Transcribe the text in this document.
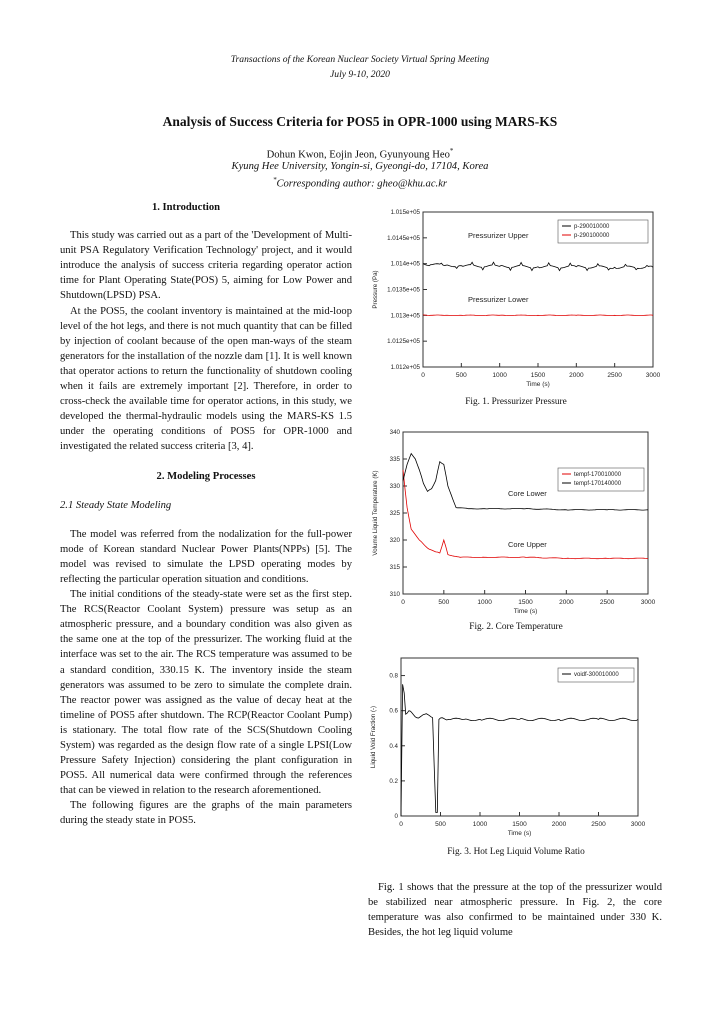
Transactions of the Korean Nuclear Society Virtual Spring Meeting
July 9-10, 2020
Analysis of Success Criteria for POS5 in OPR-1000 using MARS-KS
Dohun Kwon, Eojin Jeon, Gyunyoung Heo*
Kyung Hee University, Yongin-si, Gyeongi-do, 17104, Korea
*Corresponding author: gheo@khu.ac.kr
1. Introduction

This study was carried out as a part of the 'Development of Multi-unit PSA Regulatory Verification Technology' project, and it would introduce the analysis of success criteria regarding operator action time for Plant Operating State(POS) 5, aiming for Low Power and Shutdown(LPSD) PSA.

At the POS5, the coolant inventory is maintained at the mid-loop level of the hot legs, and there is not much quantity that can be filled by injection of coolant because of the open man-ways of the steam generators for the installation of the nozzle dam [1]. It is well known that operator actions to return the functionality of shutdown cooling when it fails are extremely important [2]. Therefore, in order to cross-check the available time for operator actions, in this study, we developed the thermal-hydraulic models using the MARS-KS 1.5 under the operating conditions of POS5 for OPR-1000 and investigated the related success criteria [3, 4].

2. Modeling Processes
2.1 Steady State Modeling

The model was referred from the nodalization for the full-power mode of Korean standard Nuclear Power Plants(NPPs) [5]. The model was revised to simulate the LPSD operating modes by reflecting the particular operation situation and conditions.

The initial conditions of the steady-state were set as the first step. The RCS(Reactor Coolant System) pressure was setup as an atmospheric pressure, and a boundary condition was also given as the same one at the top of the pressurizer. The working fluid at the interface was set to the air. The RCS temperature was assumed to be a standard condition, 330.15 K. The inventory inside the steam generators was assumed to be zero to simulate the complete drain. The reactor power was assigned as the value of decay heat at the timeline of POS5 after shutdown. The RCP(Reactor Coolant Pump) is stationary. The total flow rate of the SCS(Shutdown Cooling System) was regarded as the design flow rate of a single LPSI(Low Pressure Safety Injection) considering the plant configuration in POS5. All numerical data were confirmed through the references that can be viewed in relation to the research aforementioned.

The following figures are the graphs of the main parameters during the steady state in POS5.

0	500	1000	1500	2000	2500	3000
1.012e+05
1.0125e+05
1.013e+05
1.0135e+05
1.014e+05
1.0145e+05
1.015e+05
Time (s)
Pressure (Pa)
p-290010000
p-290100000
Pressurizer Upper
Pressurizer Lower
Fig. 1. Pressurizer Pressure
0	500	1000	1500	2000	2500	3000
310
315
320
325
330
335
340
Time (s)
Volume Liquid Temperature (K)	tempf-170010000
tempf-170140000
Core Lower
Core Upper
Fig. 2. Core Temperature
0	500	1000	1500	2000	2500	3000
0
0.2
0.4
0.6
0.8
Time (s)
Liquid Void Fraction (-)
voidf-300010000
Fig. 3. Hot Leg Liquid Volume Ratio

Fig. 1 shows that the pressure at the top of the pressurizer would be stabilized near atmospheric pressure. In Fig. 2, the core temperature was also confirmed to be maintained under 330 K. Besides, the hot leg liquid volume
